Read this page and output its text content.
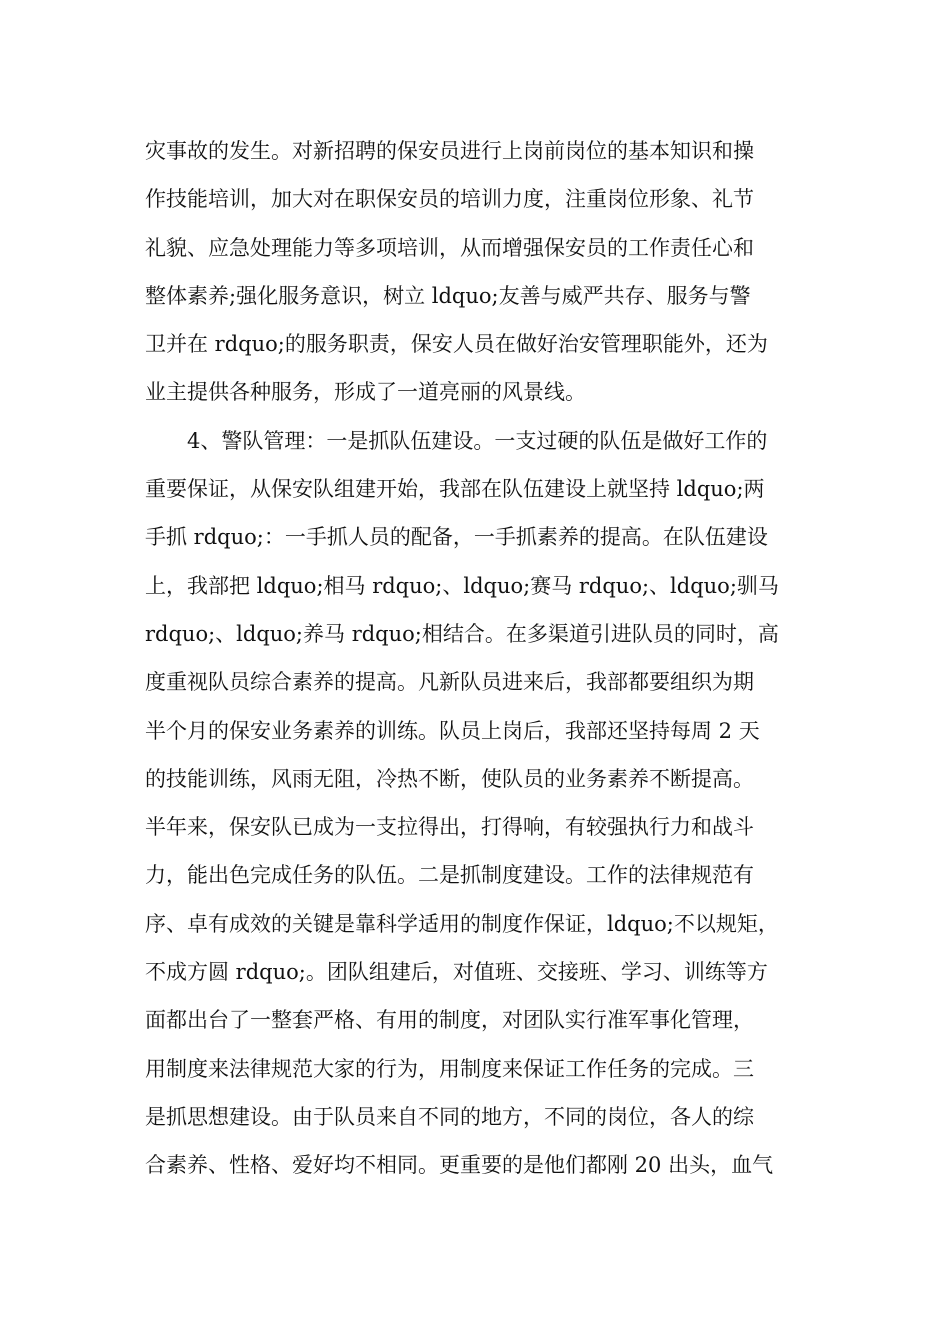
灾事故的发生。对新招聘的保安员进行上岗前岗位的基本知识和操
作技能培训，加大对在职保安员的培训力度，注重岗位形象、礼节
礼貌、应急处理能力等多项培训，从而增强保安员的工作责任心和
整体素养;强化服务意识，树立 ldquo;友善与威严共存、服务与警
卫并在 rdquo;的服务职责，保安人员在做好治安管理职能外，还为
业主提供各种服务，形成了一道亮丽的风景线。
4、警队管理：一是抓队伍建设。一支过硬的队伍是做好工作的
重要保证，从保安队组建开始，我部在队伍建设上就坚持 ldquo;两
手抓 rdquo;：一手抓人员的配备，一手抓素养的提高。在队伍建设
上，我部把 ldquo;相马 rdquo;、ldquo;赛马 rdquo;、ldquo;驯马
rdquo;、ldquo;养马 rdquo;相结合。在多渠道引进队员的同时，高
度重视队员综合素养的提高。凡新队员进来后，我部都要组织为期
半个月的保安业务素养的训练。队员上岗后，我部还坚持每周 2 天
的技能训练，风雨无阻，冷热不断，使队员的业务素养不断提高。
半年来，保安队已成为一支拉得出，打得响，有较强执行力和战斗
力，能出色完成任务的队伍。二是抓制度建设。工作的法律规范有
序、卓有成效的关键是靠科学适用的制度作保证，ldquo;不以规矩，
不成方圆 rdquo;。团队组建后，对值班、交接班、学习、训练等方
面都出台了一整套严格、有用的制度，对团队实行准军事化管理，
用制度来法律规范大家的行为，用制度来保证工作任务的完成。三
是抓思想建设。由于队员来自不同的地方，不同的岗位，各人的综
合素养、性格、爱好均不相同。更重要的是他们都刚 20 出头，血气
